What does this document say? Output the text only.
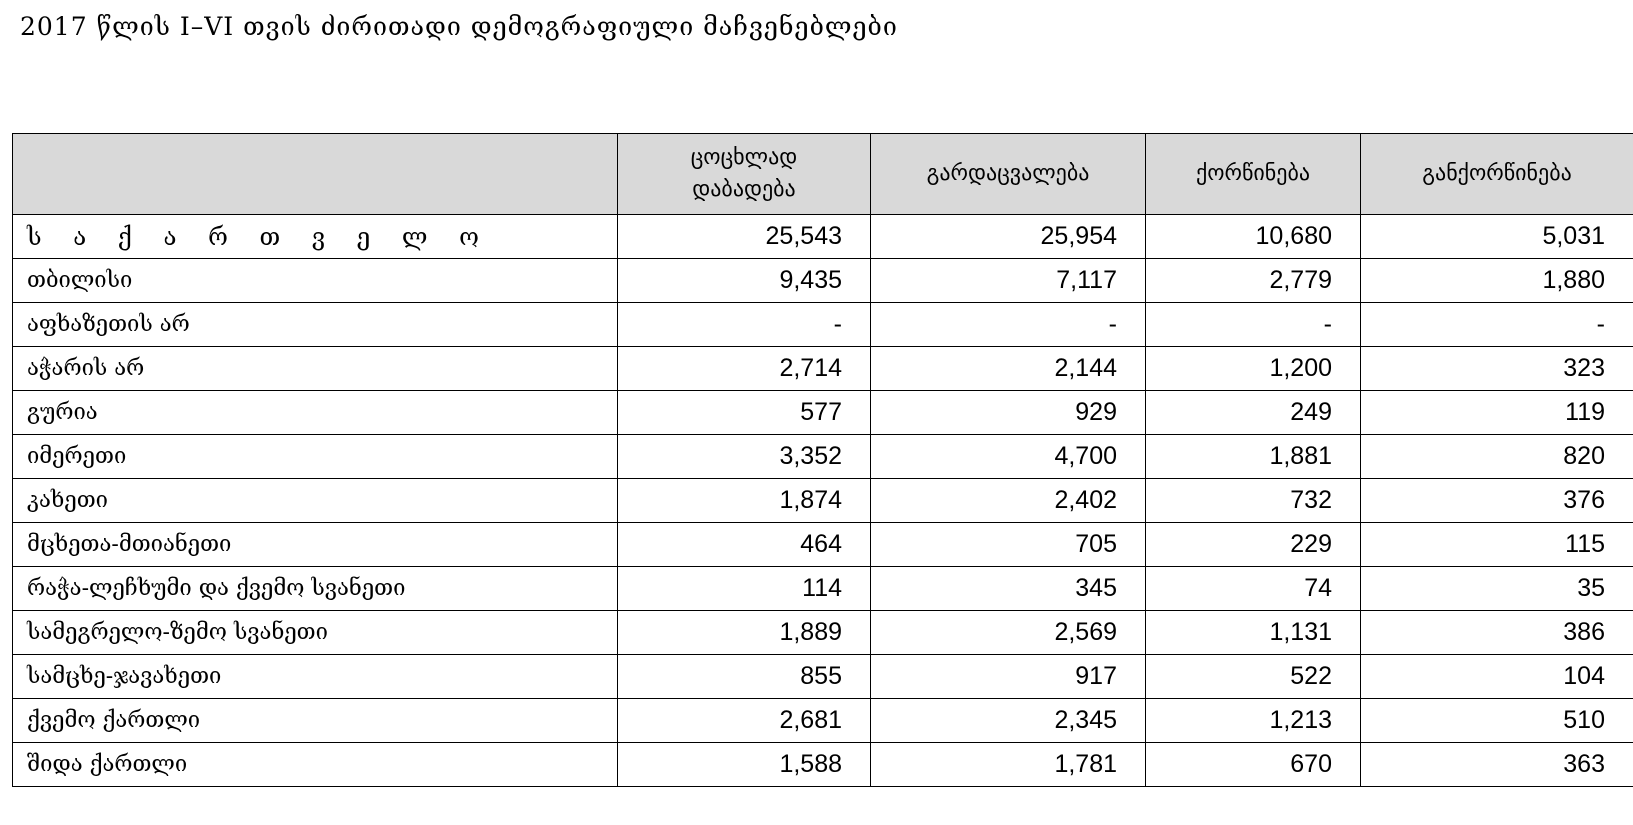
2017 წლის I–VI თვის ძირითადი დემოგრაფიული მაჩვენებლები
	ცოცხლად დაბადება	გარდაცვალება	ქორწინება	განქორწინება
ს ა ქ ა რ თ ვ ე ლ ო	25,543	25,954	10,680	5,031
თბილისი	9,435	7,117	2,779	1,880
აფხაზეთის არ	-	-	-	-
აჭარის არ	2,714	2,144	1,200	323
გურია	577	929	249	119
იმერეთი	3,352	4,700	1,881	820
კახეთი	1,874	2,402	732	376
მცხეთა-მთიანეთი	464	705	229	115
რაჭა-ლეჩხუმი და ქვემო სვანეთი	114	345	74	35
სამეგრელო-ზემო სვანეთი	1,889	2,569	1,131	386
სამცხე-ჯავახეთი	855	917	522	104
ქვემო ქართლი	2,681	2,345	1,213	510
შიდა ქართლი	1,588	1,781	670	363
